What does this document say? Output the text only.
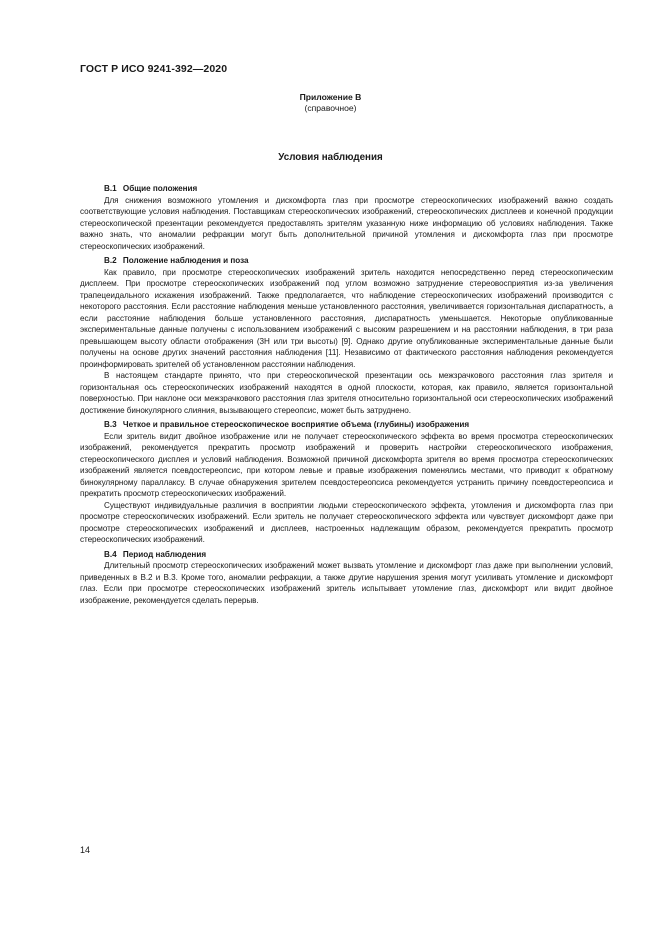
ГОСТ Р ИСО 9241-392—2020
Приложение В
(справочное)
Условия наблюдения
В.1 Общие положения

Для снижения возможного утомления и дискомфорта глаз при просмотре стереоскопических изображений важно создать соответствующие условия наблюдения. Поставщикам стереоскопических изображений, стереоскопических дисплеев и конечной продукции стереоскопической презентации рекомендуется предоставлять зрителям указанную ниже информацию об условиях наблюдения. Также важно знать, что аномалии рефракции могут быть дополнительной причиной утомления и дискомфорта глаз при просмотре стереоскопических изображений.

В.2 Положение наблюдения и поза

Как правило, при просмотре стереоскопических изображений зритель находится непосредственно перед стереоскопическим дисплеем. При просмотре стереоскопических изображений под углом возможно затруднение стереовосприятия из-за увеличения трапецеидального искажения изображений. Также предполагается, что наблюдение стереоскопических изображений производится с некоторого расстояния. Если расстояние наблюдения меньше установленного расстояния, увеличивается горизонтальная диспаратность, а если расстояние наблюдения больше установленного расстояния, диспаратность уменьшается. Некоторые опубликованные экспериментальные данные получены с использованием изображений с высоким разрешением и на расстоянии наблюдения, в три раза превышающем высоту области отображения (3Н или три высоты) [9]. Однако другие опубликованные экспериментальные данные были получены на основе других значений расстояния наблюдения [11]. Независимо от фактического расстояния наблюдения рекомендуется проинформировать зрителей об установленном расстоянии наблюдения.

В настоящем стандарте принято, что при стереоскопической презентации ось межзрачкового расстояния глаз зрителя и горизонтальная ось стереоскопических изображений находятся в одной плоскости, которая, как правило, является горизонтальной поверхностью. При наклоне оси межзрачкового расстояния глаз зрителя относительно горизонтальной оси стереоскопических изображений достижение бинокулярного слияния, вызывающего стереопсис, может быть затруднено.

В.3 Четкое и правильное стереоскопическое восприятие объема (глубины) изображения

Если зритель видит двойное изображение или не получает стереоскопического эффекта во время просмотра стереоскопических изображений, рекомендуется прекратить просмотр изображений и проверить настройки стереоскопического изображения, стереоскопического дисплея и условий наблюдения. Возможной причиной дискомфорта зрителя во время просмотра стереоскопических изображений является псевдостереопсис, при котором левые и правые изображения поменялись местами, что приводит к обратному бинокулярному параллаксу. В случае обнаружения зрителем псевдостереопсиса рекомендуется устранить причину псевдостереопсиса и прекратить просмотр стереоскопических изображений.

Существуют индивидуальные различия в восприятии людьми стереоскопического эффекта, утомления и дискомфорта глаз при просмотре стереоскопических изображений. Если зритель не получает стереоскопического эффекта или чувствует дискомфорт даже при просмотре стереоскопических изображений и дисплеев, настроенных надлежащим образом, рекомендуется прекратить просмотр стереоскопических изображений.

В.4 Период наблюдения

Длительный просмотр стереоскопических изображений может вызвать утомление и дискомфорт глаз даже при выполнении условий, приведенных в В.2 и В.3. Кроме того, аномалии рефракции, а также другие нарушения зрения могут усиливать утомление и дискомфорт глаз. Если при просмотре стереоскопических изображений зритель испытывает утомление глаз, дискомфорт или видит двойное изображение, рекомендуется сделать перерыв.

14
